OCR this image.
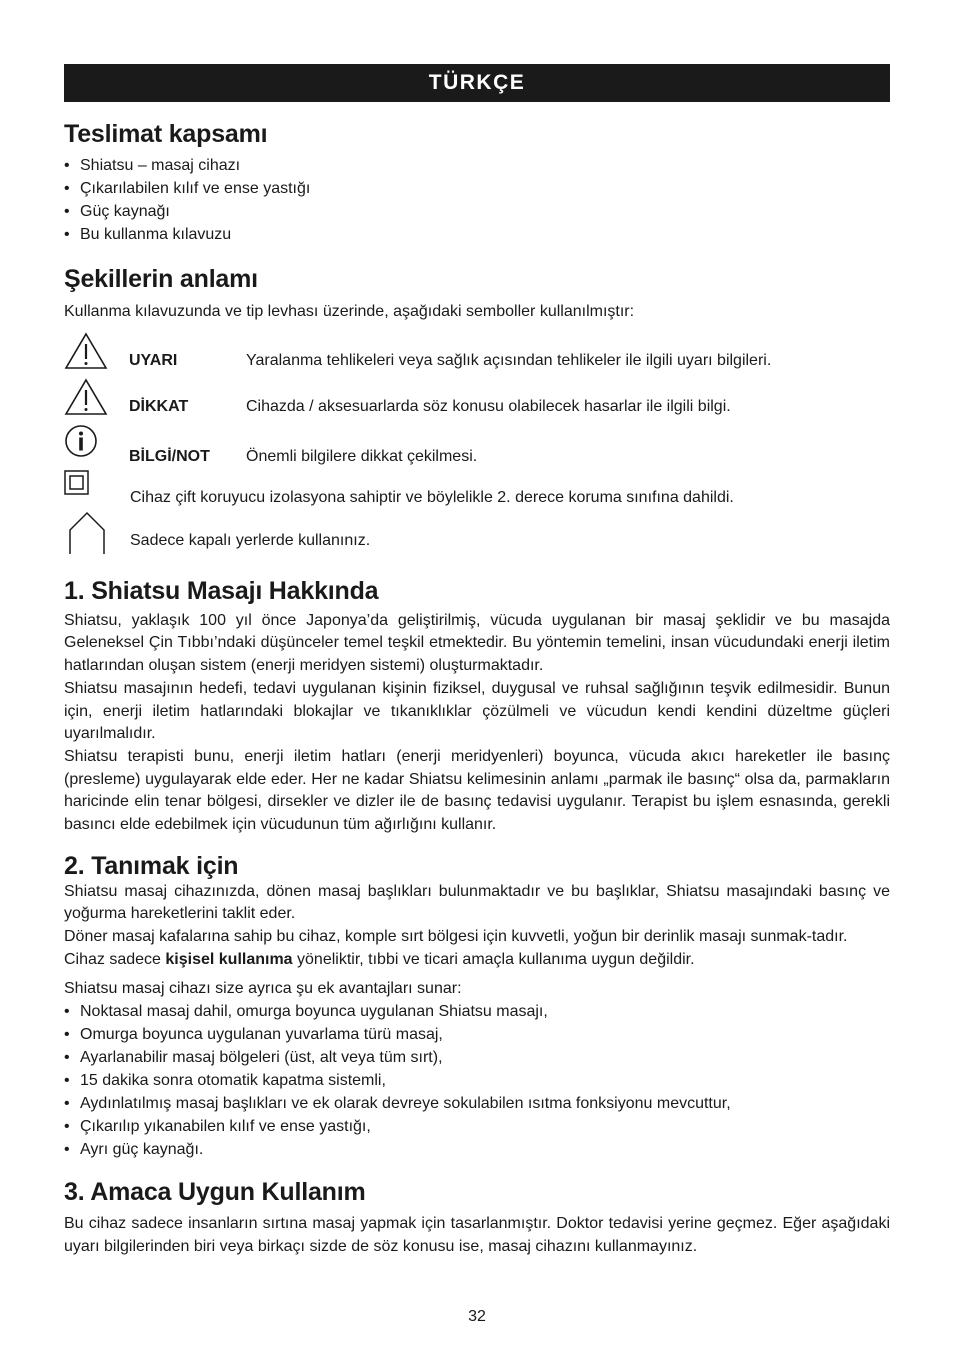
TÜRKÇE
Teslimat kapsamı
• Shiatsu – masaj cihazı
• Çıkarılabilen kılıf ve ense yastığı
• Güç kaynağı
• Bu kullanma kılavuzu
Şekillerin anlamı

Kullanma kılavuzunda ve tip levhası üzerinde, aşağıdaki semboller kullanılmıştır:

UYARI	Yaralanma tehlikeleri veya sağlık açısından tehlikeler ile ilgili uyarı bilgileri.
DİKKAT	Cihazda / aksesuarlarda söz konusu olabilecek hasarlar ile ilgili bilgi.
BİLGİ/NOT Önemli bilgilere dikkat çekilmesi.
Cihaz çift koruyucu izolasyona sahiptir ve böylelikle 2. derece koruma sınıfına dahildi.
Sadece kapalı yerlerde kullanınız.
1. Shiatsu Masajı Hakkında

Shiatsu, yaklaşık 100 yıl önce Japonya’da geliştirilmiş, vücuda uygulanan bir masaj şeklidir ve bu masajda Geleneksel Çin Tıbbı’ndaki düşünceler temel teşkil etmektedir. Bu yöntemin temelini, insan vücudundaki enerji iletim hatlarından oluşan sistem (enerji meridyen sistemi) oluşturmaktadır.

Shiatsu masajının hedefi, tedavi uygulanan kişinin fiziksel, duygusal ve ruhsal sağlığının teşvik edilmesidir. Bunun için, enerji iletim hatlarındaki blokajlar ve tıkanıklıklar çözülmeli ve vücudun kendi kendini düzeltme güçleri uyarılmalıdır.

Shiatsu terapisti bunu, enerji iletim hatları (enerji meridyenleri) boyunca, vücuda akıcı hareketler ile basınç (presleme) uygulayarak elde eder. Her ne kadar Shiatsu kelimesinin anlamı „parmak ile basınç“ olsa da, parmakların haricinde elin tenar bölgesi, dirsekler ve dizler ile de basınç tedavisi uygulanır. Terapist bu işlem esnasında, gerekli basıncı elde edebilmek için vücudunun tüm ağırlığını kullanır.

2. Tanımak için

Shiatsu masaj cihazınızda, dönen masaj başlıkları bulunmaktadır ve bu başlıklar, Shiatsu masajındaki basınç ve yoğurma hareketlerini taklit eder.

Döner masaj kafalarına sahip bu cihaz, komple sırt bölgesi için kuvvetli, yoğun bir derinlik masajı sunmak-tadır.

Cihaz sadece kişisel kullanıma yöneliktir, tıbbi ve ticari amaçla kullanıma uygun değildir.

Shiatsu masaj cihazı size ayrıca şu ek avantajları sunar:

• Noktasal masaj dahil, omurga boyunca uygulanan Shiatsu masajı,
• Omurga boyunca uygulanan yuvarlama türü masaj,
• Ayarlanabilir masaj bölgeleri (üst, alt veya tüm sırt),
• 15 dakika sonra otomatik kapatma sistemli,
• Aydınlatılmış masaj başlıkları ve ek olarak devreye sokulabilen ısıtma fonksiyonu mevcuttur,
• Çıkarılıp yıkanabilen kılıf ve ense yastığı,
• Ayrı güç kaynağı.
3. Amaca Uygun Kullanım

Bu cihaz sadece insanların sırtına masaj yapmak için tasarlanmıştır. Doktor tedavisi yerine geçmez. Eğer aşağıdaki uyarı bilgilerinden biri veya birkaçı sizde de söz konusu ise, masaj cihazını kullanmayınız.

32
